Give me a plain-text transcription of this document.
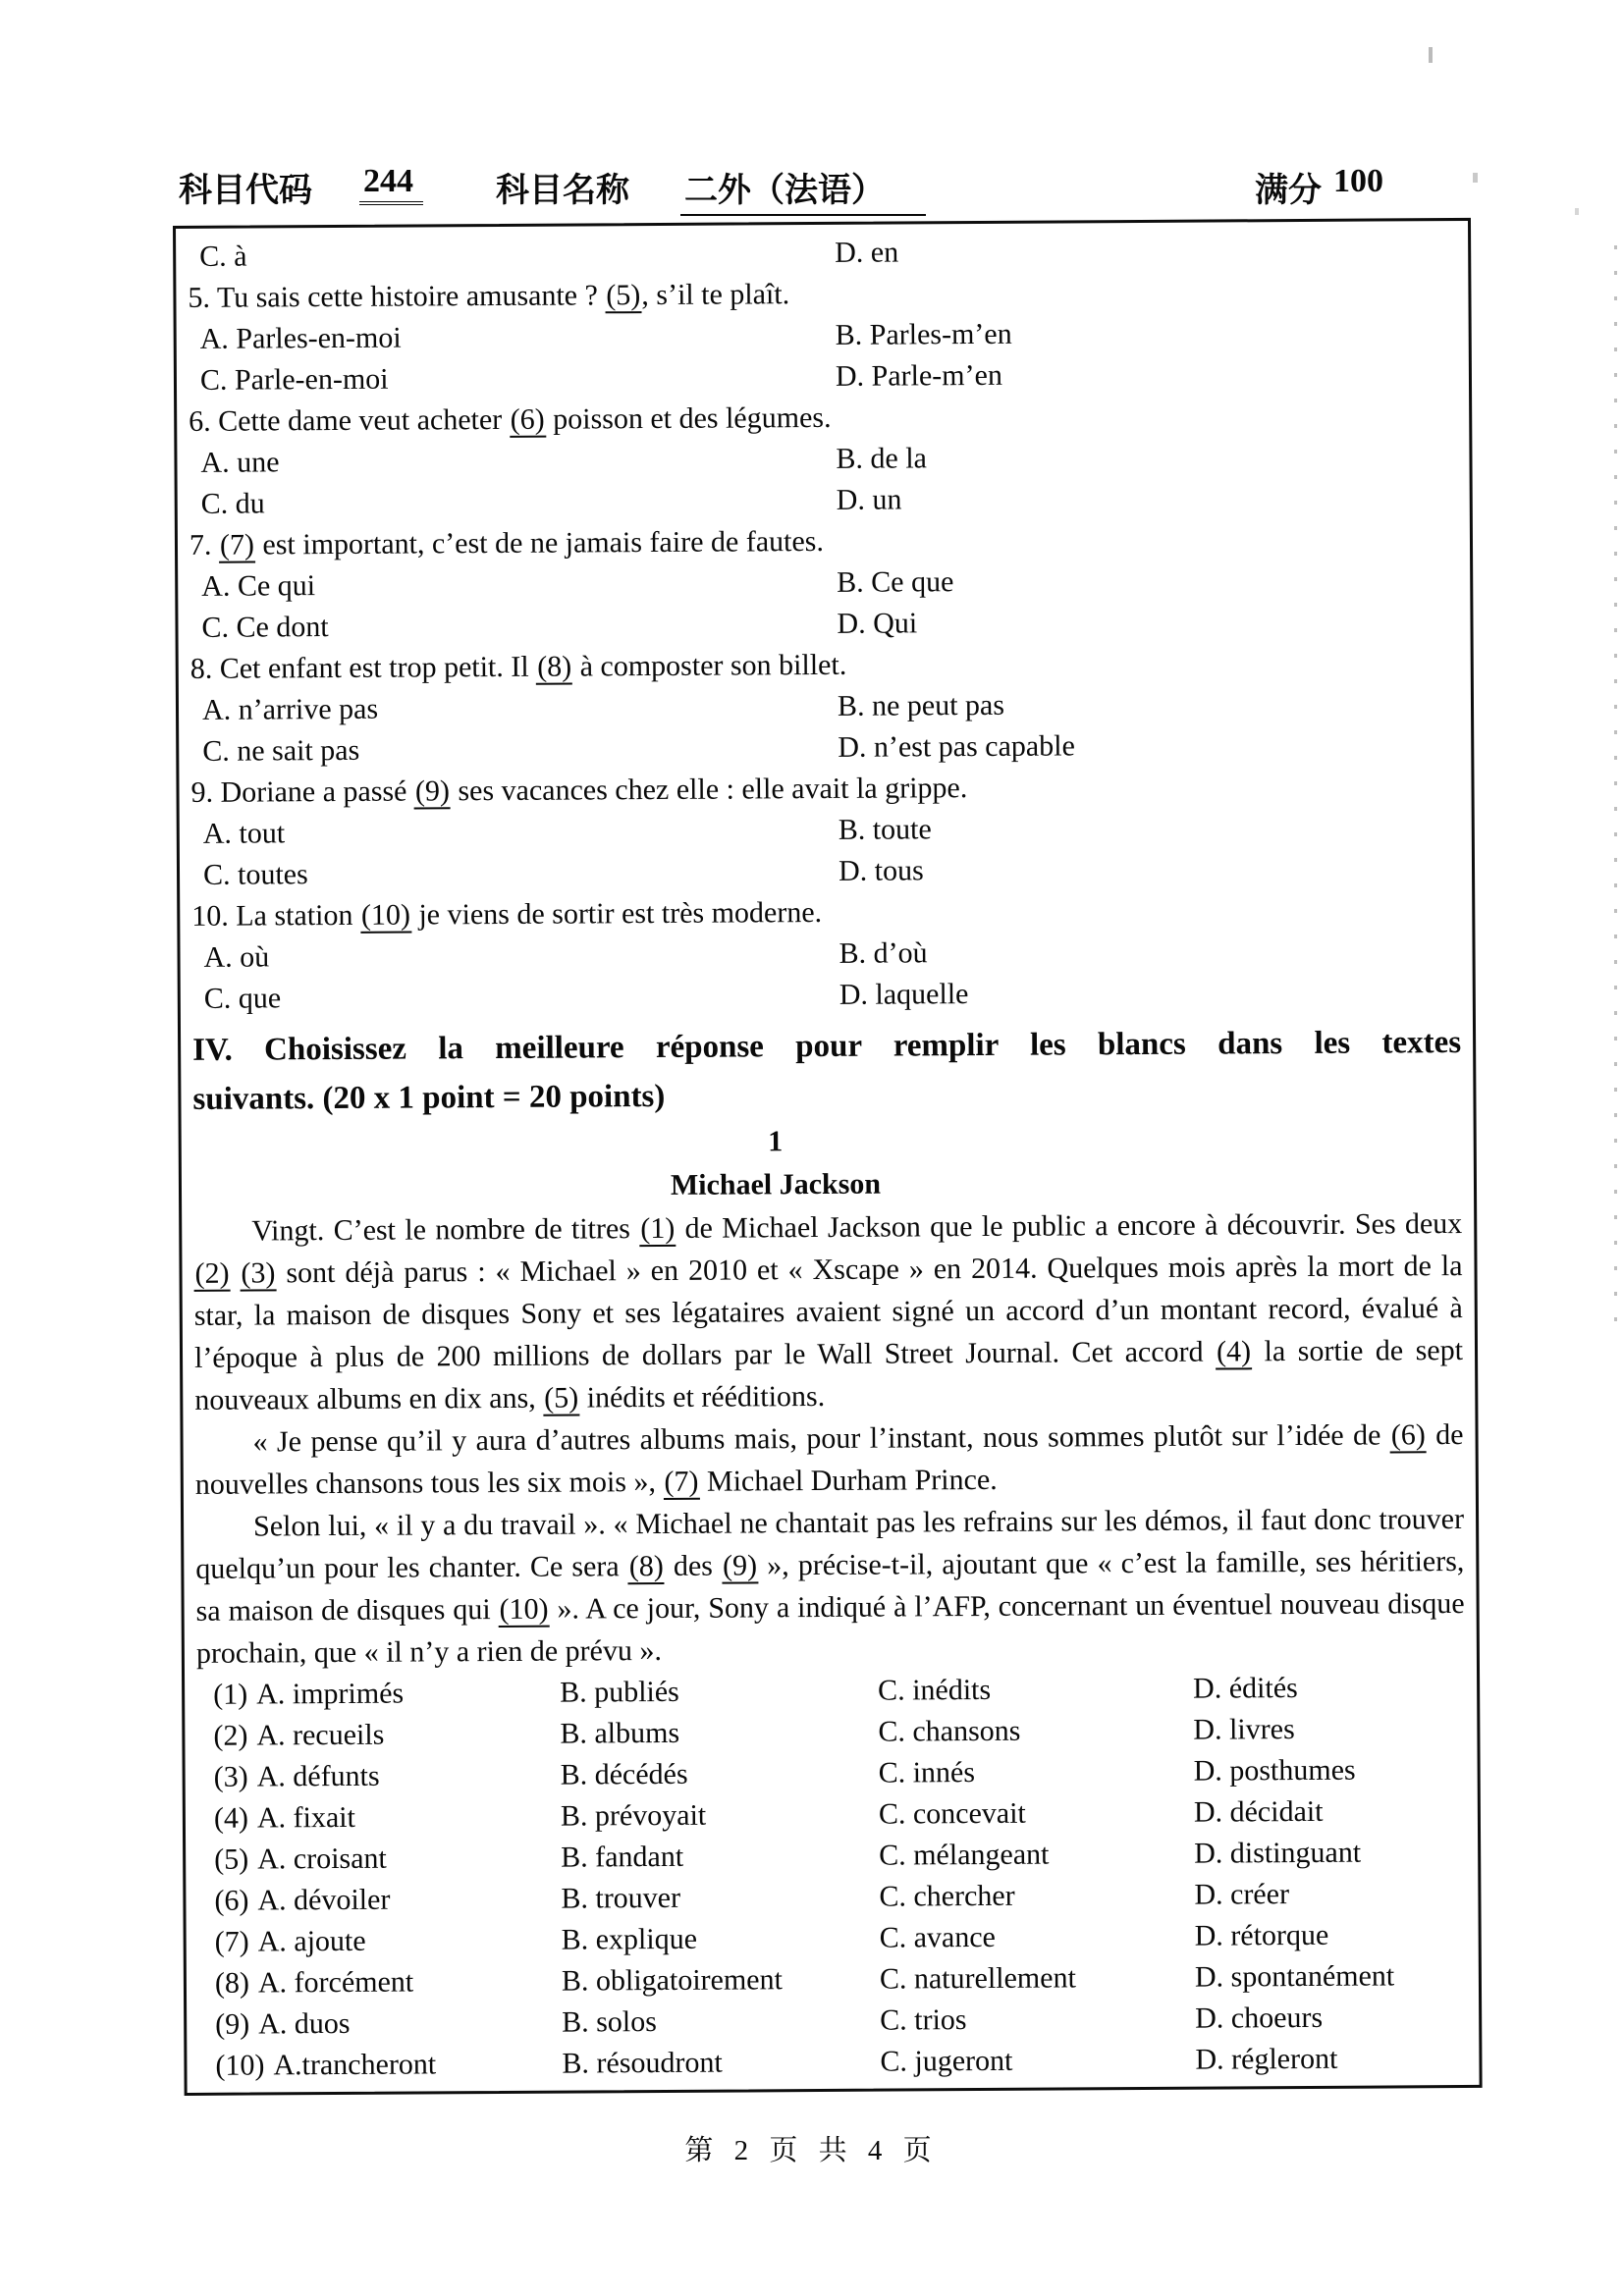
科目代码 244 科目名称 二外（法语）	满分 100
C. à	D. en
5. Tu sais cette histoire amusante ? (5), s’il te plaît.
A. Parles-en-moi	B. Parles-m’en
C. Parle-en-moi	D. Parle-m’en
6. Cette dame veut acheter (6) poisson et des légumes.
A. une	B. de la
C. du	D. un
7. (7) est important, c’est de ne jamais faire de fautes.
A. Ce qui	B. Ce que
C. Ce dont	D. Qui
8. Cet enfant est trop petit. Il (8) à composter son billet.
A. n’arrive pas	B. ne peut pas
C. ne sait pas	D. n’est pas capable
9. Doriane a passé (9) ses vacances chez elle : elle avait la grippe.
A. tout	B. toute
C. toutes	D. tous
10. La station (10) je viens de sortir est très moderne.
A. où	B. d’où
C. que	D. laquelle
IV. Choisissez la meilleure réponse pour remplir les blancs dans les textes
suivants. (20 x 1 point = 20 points)
1
Michael Jackson
Vingt. C’est le nombre de titres (1) de Michael Jackson que le public a encore à découvrir. Ses deux (2) (3) sont déjà parus : « Michael » en 2010 et « Xscape » en 2014. Quelques mois après la mort de la star, la maison de disques Sony et ses légataires avaient signé un accord d’un montant record, évalué à l’époque à plus de 200 millions de dollars par le Wall Street Journal. Cet accord (4) la sortie de sept nouveaux albums en dix ans, (5) inédits et rééditions.
« Je pense qu’il y aura d’autres albums mais, pour l’instant, nous sommes plutôt sur l’idée de (6) de nouvelles chansons tous les six mois », (7) Michael Durham Prince.
Selon lui, « il y a du travail ». « Michael ne chantait pas les refrains sur les démos, il faut donc trouver quelqu’un pour les chanter. Ce sera (8) des (9) », précise-t-il, ajoutant que « c’est la famille, ses héritiers, sa maison de disques qui (10) ». A ce jour, Sony a indiqué à l’AFP, concernant un éventuel nouveau disque prochain, que « il n’y a rien de prévu ».
(1) A. imprimés	B. publiés	C. inédits	D. édités
(2) A. recueils	B. albums	C. chansons	D. livres
(3) A. défunts	B. décédés	C. innés	D. posthumes
(4) A. fixait	B. prévoyait	C. concevait	D. décidait
(5) A. croisant	B. fandant	C. mélangeant	D. distinguant
(6) A. dévoiler	B. trouver	C. chercher	D. créer
(7) A. ajoute	B. explique	C. avance	D. rétorque
(8) A. forcément	B. obligatoirement	C. naturellement	D. spontanément
(9) A. duos	B. solos	C. trios	D. choeurs
(10) A.trancheront	B. résoudront	C. jugeront	D. régleront
第 2 页 共 4 页
